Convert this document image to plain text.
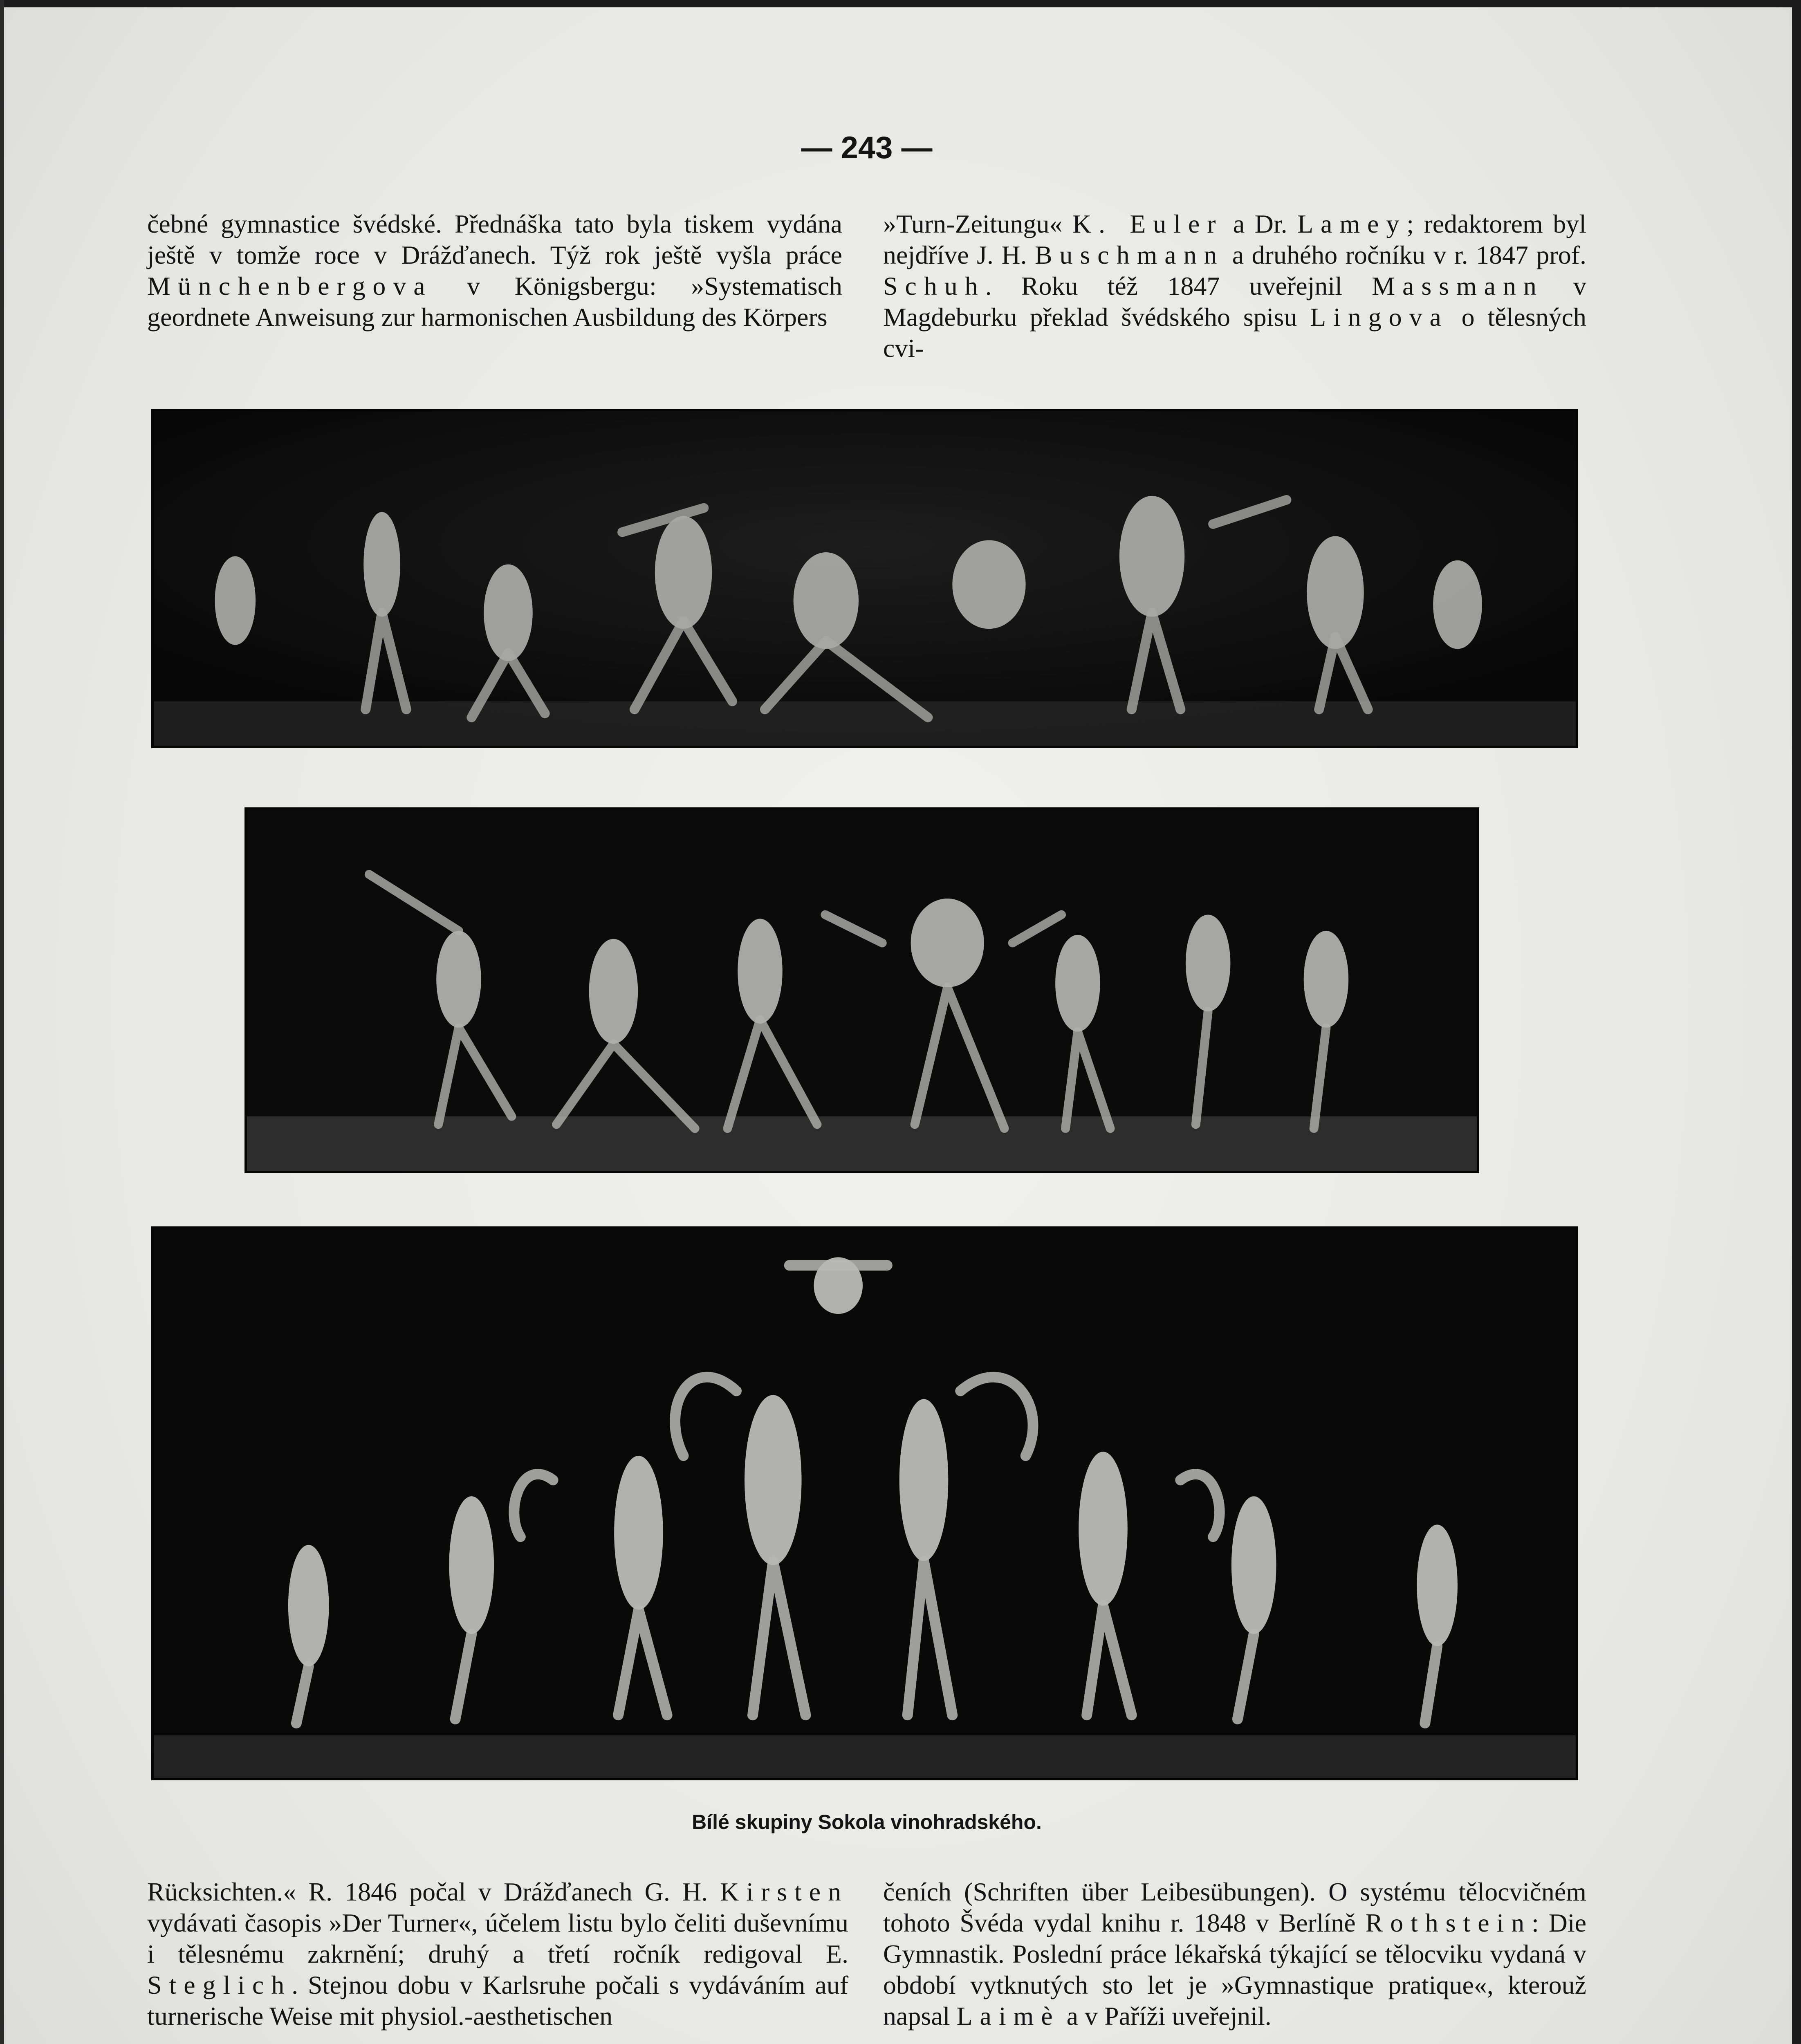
— 243 —

čebné gymnastice švédské. Přednáška tato byla tiskem vydána ještě v tomže roce v Drážďanech. Týž rok ještě vyšla práce Münchenbergova v Königsbergu: »Systematisch geordnete Anweisung zur harmonischen Ausbildung des Körpers

»Turn-Zeitungu« K. Euler a Dr. Lamey; redaktorem byl nejdříve J. H. Buschmann a druhého ročníku v r. 1847 prof. Schuh. Roku též 1847 uveřejnil Massmann v Magdeburku překlad švédského spisu Lingova o tělesných cvi-

Bílé skupiny Sokola vinohradského.

Rücksichten.« R. 1846 počal v Drážďanech G. H. Kirsten vydávati časopis »Der Turner«, účelem listu bylo čeliti duševnímu i tělesnému zakrnění; druhý a třetí ročník redigoval E. Steglich. Stejnou dobu v Karlsruhe počali s vydáváním auf turnerische Weise mit physiol.-aesthetischen

čeních (Schriften über Leibesübungen). O systému tělocvičném tohoto Švéda vydal knihu r. 1848 v Berlíně Rothstein: Die Gymnastik. Poslední práce lékařská týkající se tělocviku vydaná v období vytknutých sto let je »Gymnastique pratique«, kterouž napsal Laimè a v Paříži uveřejnil.
